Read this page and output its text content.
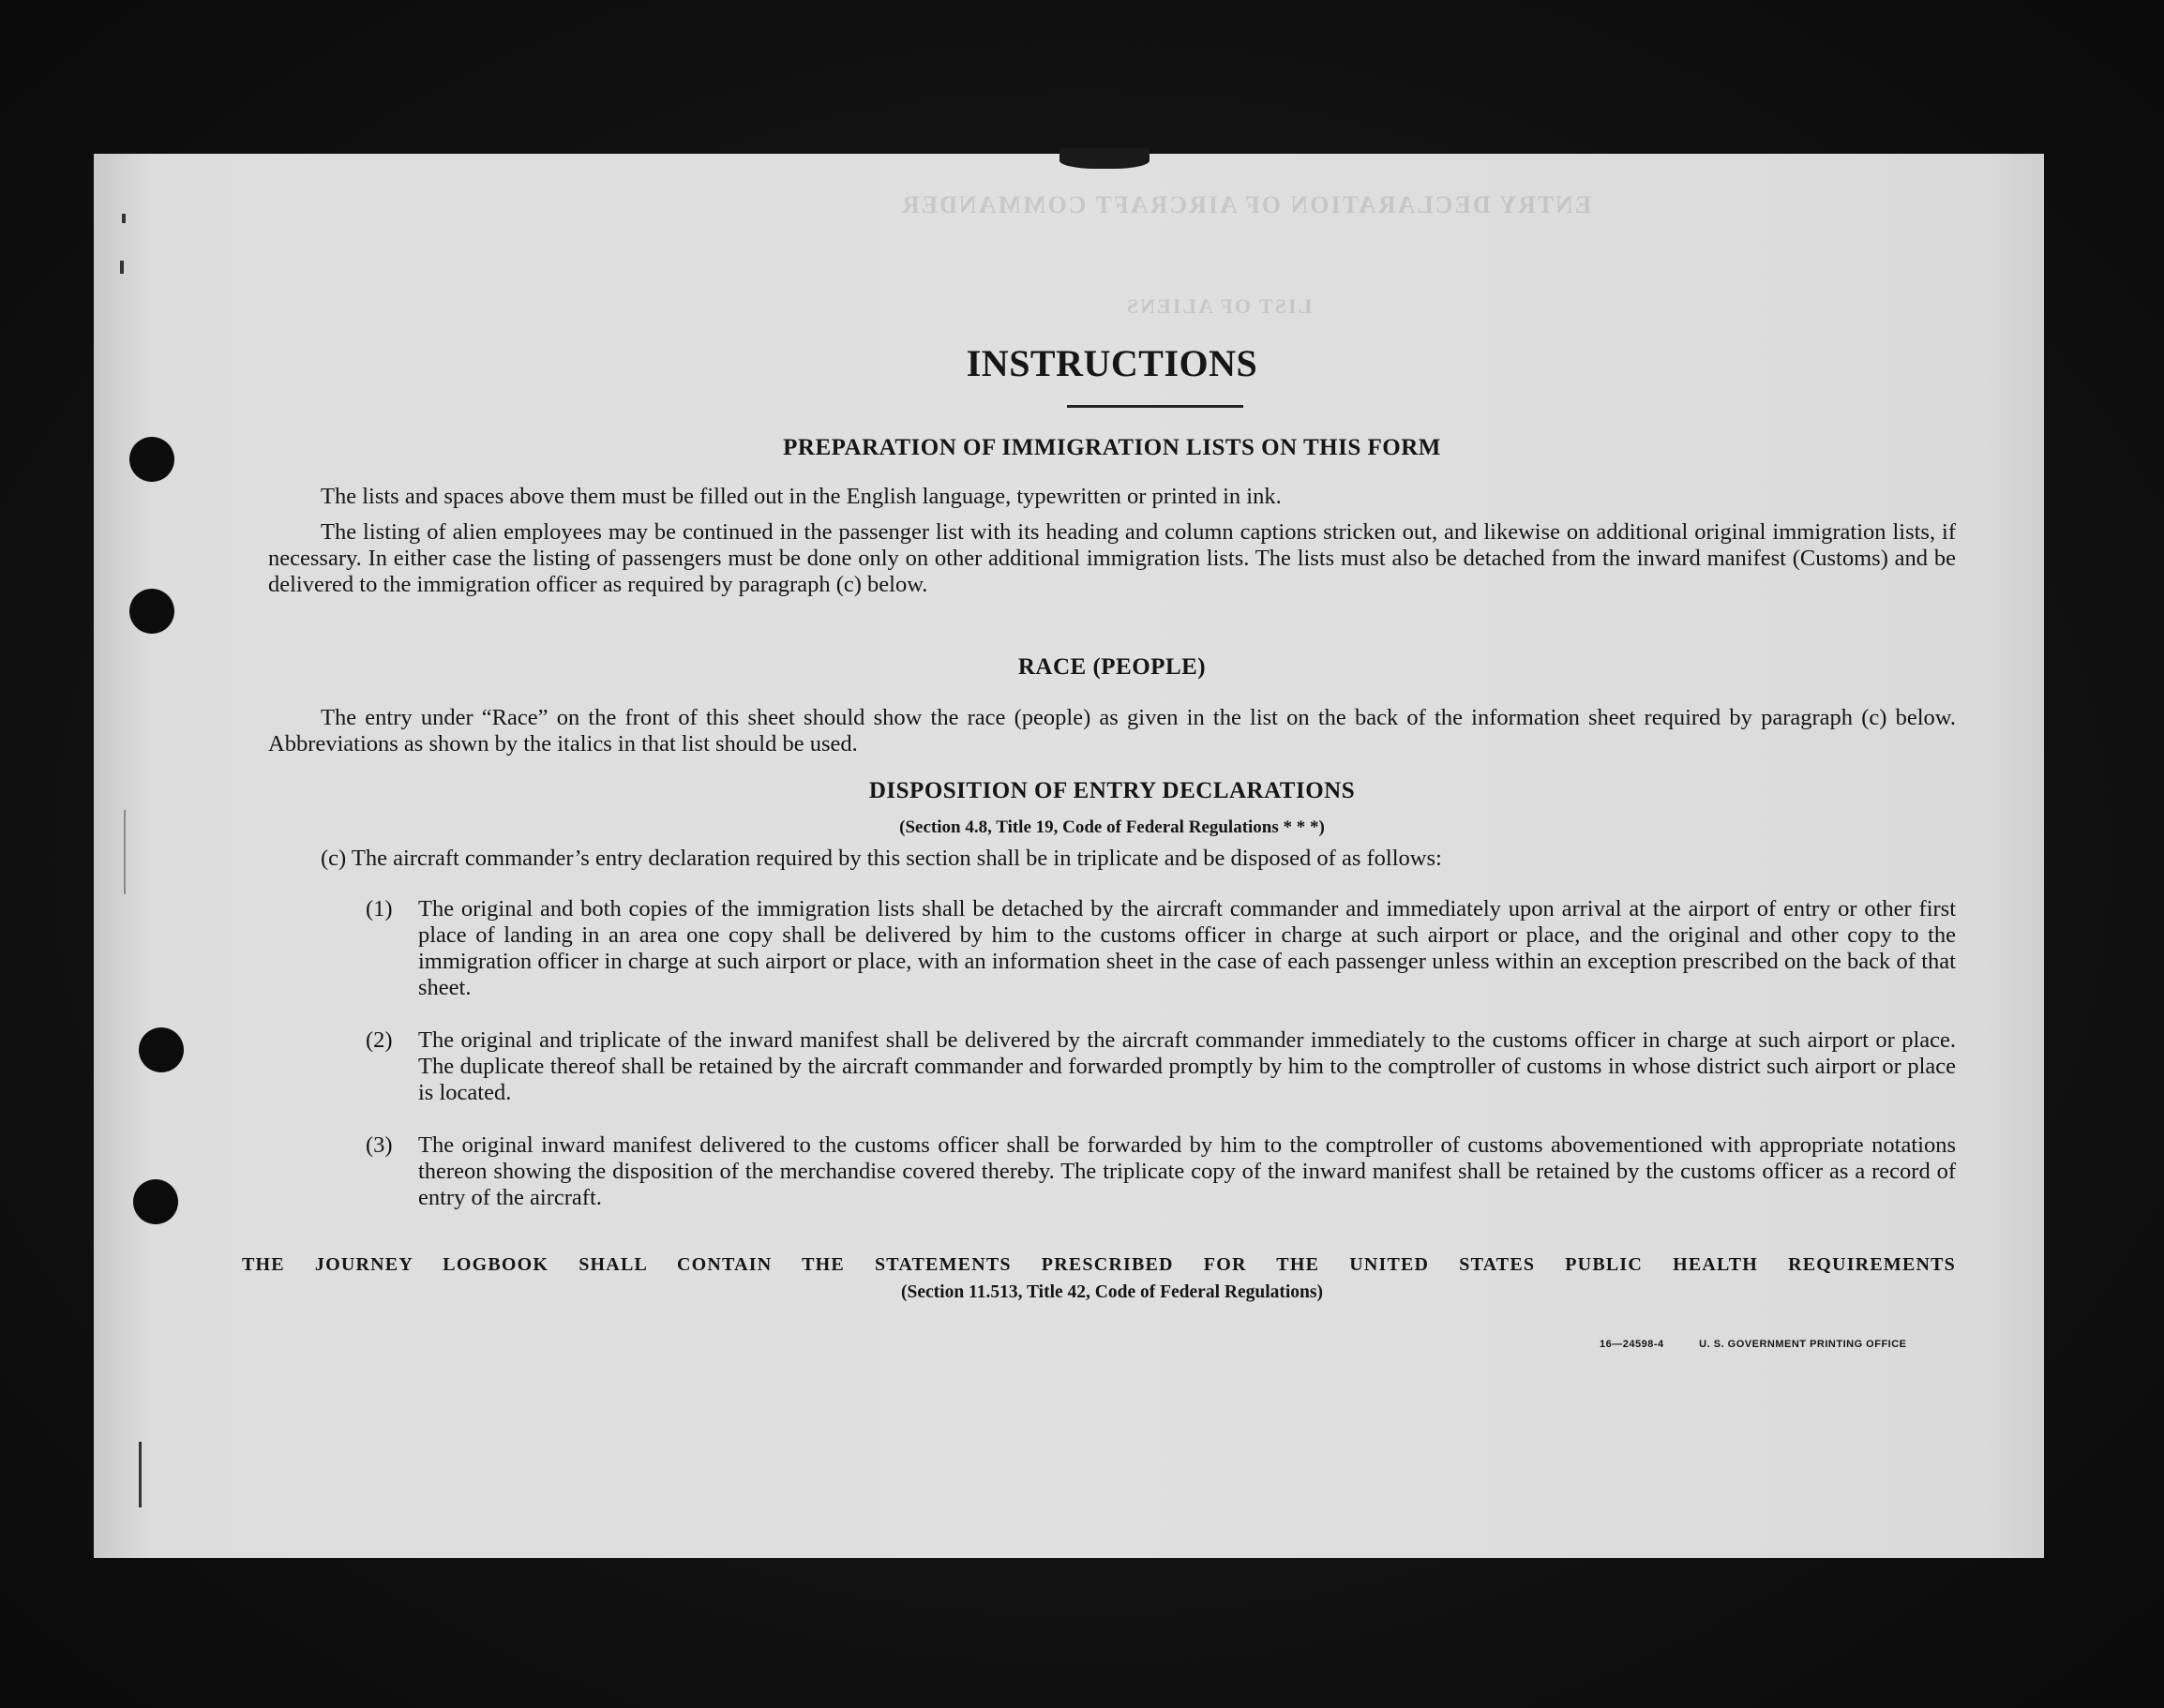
ENTRY DECLARATION OF AIRCRAFT COMMANDER
LIST OF ALIENS
INSTRUCTIONS
PREPARATION OF IMMIGRATION LISTS ON THIS FORM

The lists and spaces above them must be filled out in the English language, typewritten or printed in ink.

The listing of alien employees may be continued in the passenger list with its heading and column captions stricken out, and likewise on additional original immigration lists, if necessary. In either case the listing of passengers must be done only on other additional immigration lists. The lists must also be detached from the inward manifest (Customs) and be delivered to the immigration officer as required by paragraph (c) below.

RACE (PEOPLE)

The entry under “Race” on the front of this sheet should show the race (people) as given in the list on the back of the information sheet required by paragraph (c) below. Abbreviations as shown by the italics in that list should be used.

DISPOSITION OF ENTRY DECLARATIONS
(Section 4.8, Title 19, Code of Federal Regulations * * *)

(c) The aircraft commander’s entry declaration required by this section shall be in triplicate and be disposed of as follows:

(1)	The original and both copies of the immigration lists shall be detached by the aircraft commander and immediately upon arrival at the airport of entry or other first place of landing in an area one copy shall be delivered by him to the customs officer in charge at such airport or place, and the original and other copy to the immigration officer in charge at such airport or place, with an information sheet in the case of each passenger unless within an exception prescribed on the back of that sheet.
(2)	The original and triplicate of the inward manifest shall be delivered by the aircraft commander immediately to the customs officer in charge at such airport or place. The duplicate thereof shall be retained by the aircraft commander and forwarded promptly by him to the comptroller of customs in whose district such airport or place is located.
(3)	The original inward manifest delivered to the customs officer shall be forwarded by him to the comptroller of customs abovementioned with appropriate notations thereon showing the disposition of the merchandise covered thereby. The triplicate copy of the inward manifest shall be retained by the customs officer as a record of entry of the aircraft.
THE JOURNEY LOGBOOK SHALL CONTAIN THE STATEMENTS PRESCRIBED FOR THE UNITED STATES PUBLIC HEALTH REQUIREMENTS
(Section 11.513, Title 42, Code of Federal Regulations)
16—24598-4	U. S. GOVERNMENT PRINTING OFFICE
